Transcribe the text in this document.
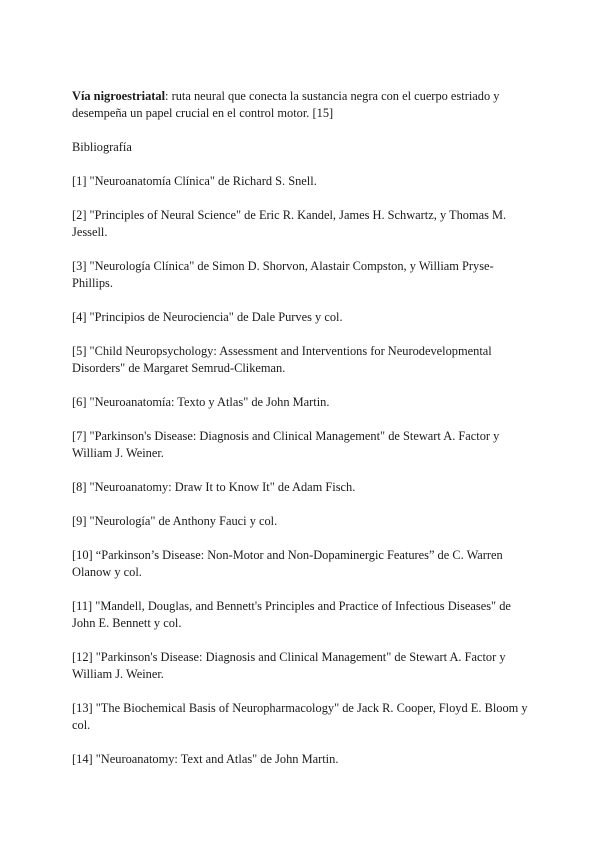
Vía nigroestriatal: ruta neural que conecta la sustancia negra con el cuerpo estriado y desempeña un papel crucial en el control motor. [15]

Bibliografía

[1] "Neuroanatomía Clínica" de Richard S. Snell.
[2] "Principles of Neural Science" de Eric R. Kandel, James H. Schwartz, y Thomas M. Jessell.
[3] "Neurología Clínica" de Simon D. Shorvon, Alastair Compston, y William Pryse-Phillips.
[4] "Principios de Neurociencia" de Dale Purves y col.
[5] "Child Neuropsychology: Assessment and Interventions for Neurodevelopmental Disorders" de Margaret Semrud-Clikeman.
[6] "Neuroanatomía: Texto y Atlas" de John Martin.
[7] "Parkinson's Disease: Diagnosis and Clinical Management" de Stewart A. Factor y William J. Weiner.
[8] "Neuroanatomy: Draw It to Know It" de Adam Fisch.
[9] "Neurología" de Anthony Fauci y col.
[10] “Parkinson’s Disease: Non-Motor and Non-Dopaminergic Features” de C. Warren Olanow y col.
[11] "Mandell, Douglas, and Bennett's Principles and Practice of Infectious Diseases" de John E. Bennett y col.
[12] "Parkinson's Disease: Diagnosis and Clinical Management" de Stewart A. Factor y William J. Weiner.
[13] "The Biochemical Basis of Neuropharmacology" de Jack R. Cooper, Floyd E. Bloom y col.
[14] "Neuroanatomy: Text and Atlas" de John Martin.
